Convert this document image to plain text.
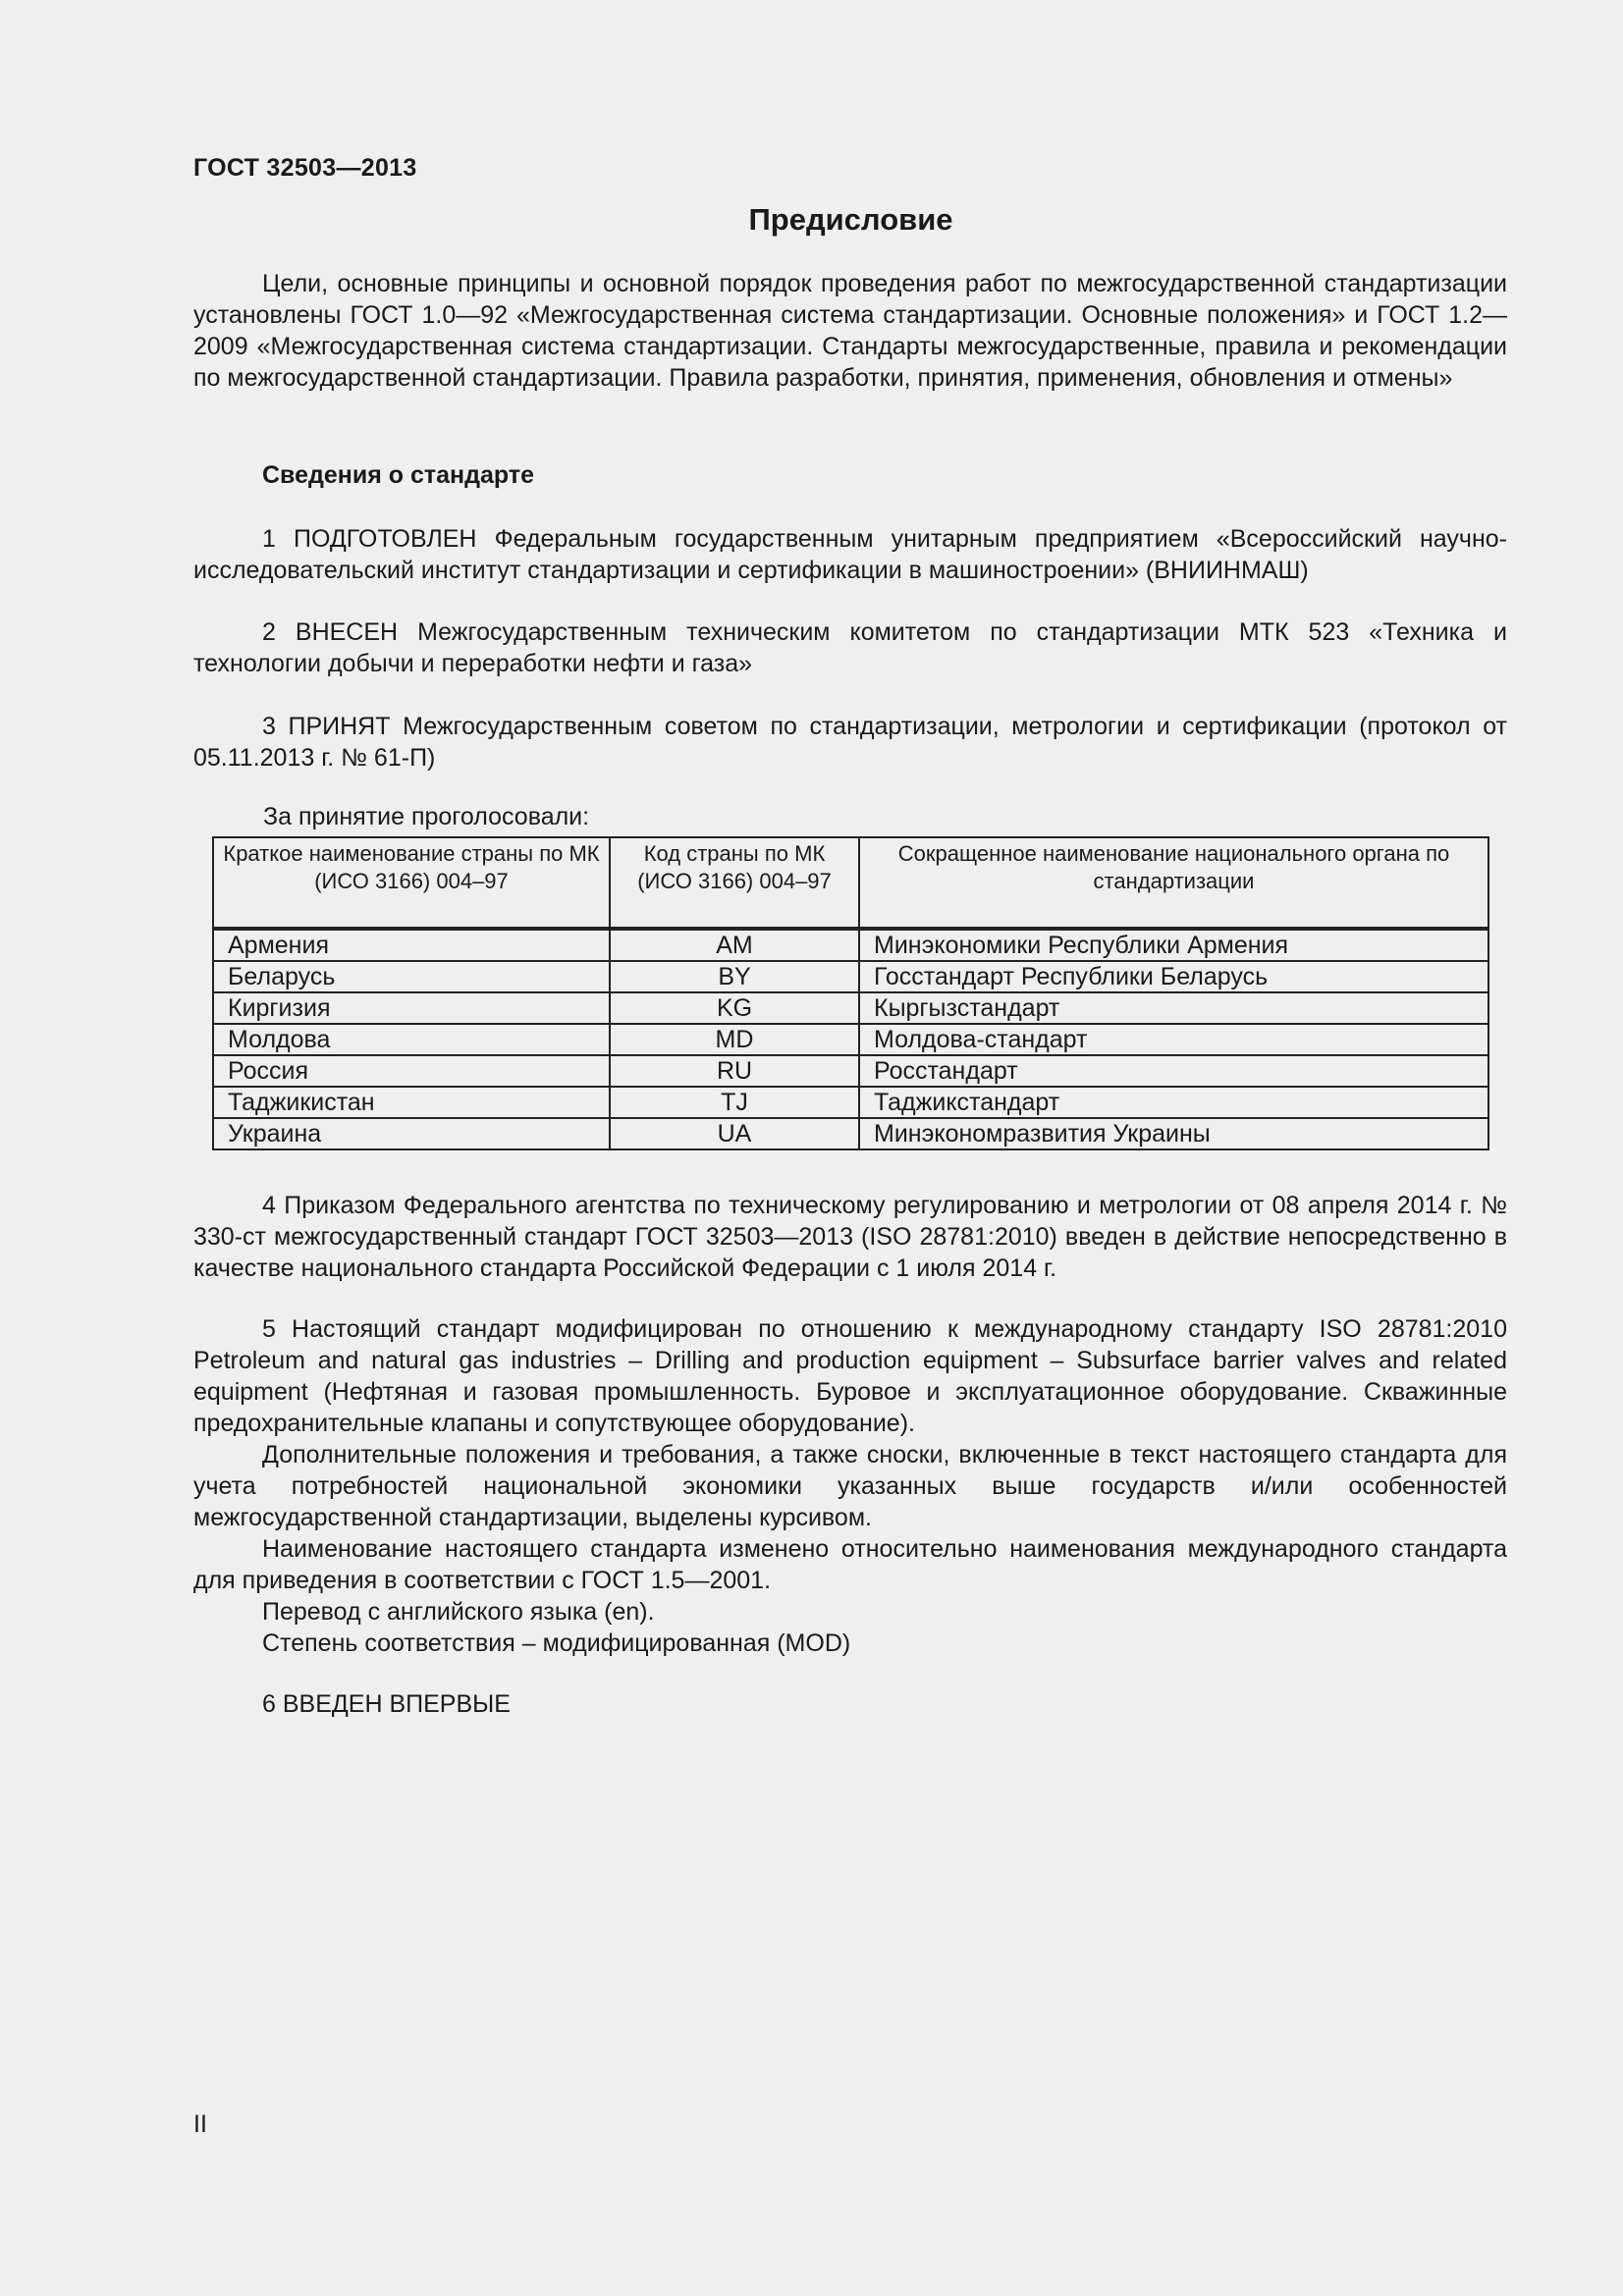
ГОСТ 32503—2013
Предисловие

Цели, основные принципы и основной порядок проведения работ по межгосударственной стандартизации установлены ГОСТ 1.0—92 «Межгосударственная система стандартизации. Основные положения» и ГОСТ 1.2—2009 «Межгосударственная система стандартизации. Стандарты межгосударственные, правила и рекомендации по межгосударственной стандартизации. Правила разработки, принятия, применения, обновления и отмены»

Сведения о стандарте

1 ПОДГОТОВЛЕН Федеральным государственным унитарным предприятием «Всероссийский научно-исследовательский институт стандартизации и сертификации в машиностроении» (ВНИИНМАШ)

2 ВНЕСЕН Межгосударственным техническим комитетом по стандартизации МТК 523 «Техника и технологии добычи и переработки нефти и газа»

3 ПРИНЯТ Межгосударственным советом по стандартизации, метрологии и сертификации (протокол от 05.11.2013 г. № 61-П)

За принятие проголосовали:
Краткое наименование страны по МК (ИСО 3166) 004–97	Код страны по МК (ИСО 3166) 004–97	Сокращенное наименование национального органа по стандартизации
Армения	AM	Минэкономики Республики Армения
Беларусь	BY	Госстандарт Республики Беларусь
Киргизия	KG	Кыргызстандарт
Молдова	MD	Молдова-стандарт
Россия	RU	Росстандарт
Таджикистан	TJ	Таджикстандарт
Украина	UA	Минэкономразвития Украины

4 Приказом Федерального агентства по техническому регулированию и метрологии от 08 апреля 2014 г. № 330-ст межгосударственный стандарт ГОСТ 32503—2013 (ISO 28781:2010) введен в действие непосредственно в качестве национального стандарта Российской Федерации с 1 июля 2014 г.

5 Настоящий стандарт модифицирован по отношению к международному стандарту ISO 28781:2010 Petroleum and natural gas industries – Drilling and production equipment – Subsurface barrier valves and related equipment (Нефтяная и газовая промышленность. Буровое и эксплуатационное оборудование. Скважинные предохранительные клапаны и сопутствующее оборудование).

Дополнительные положения и требования, а также сноски, включенные в текст настоящего стандарта для учета потребностей национальной экономики указанных выше государств и/или особенностей межгосударственной стандартизации, выделены курсивом.

Наименование настоящего стандарта изменено относительно наименования международного стандарта для приведения в соответствии с ГОСТ 1.5—2001.

Перевод с английского языка (en).

Степень соответствия – модифицированная (MOD)

6 ВВЕДЕН ВПЕРВЫЕ

II
